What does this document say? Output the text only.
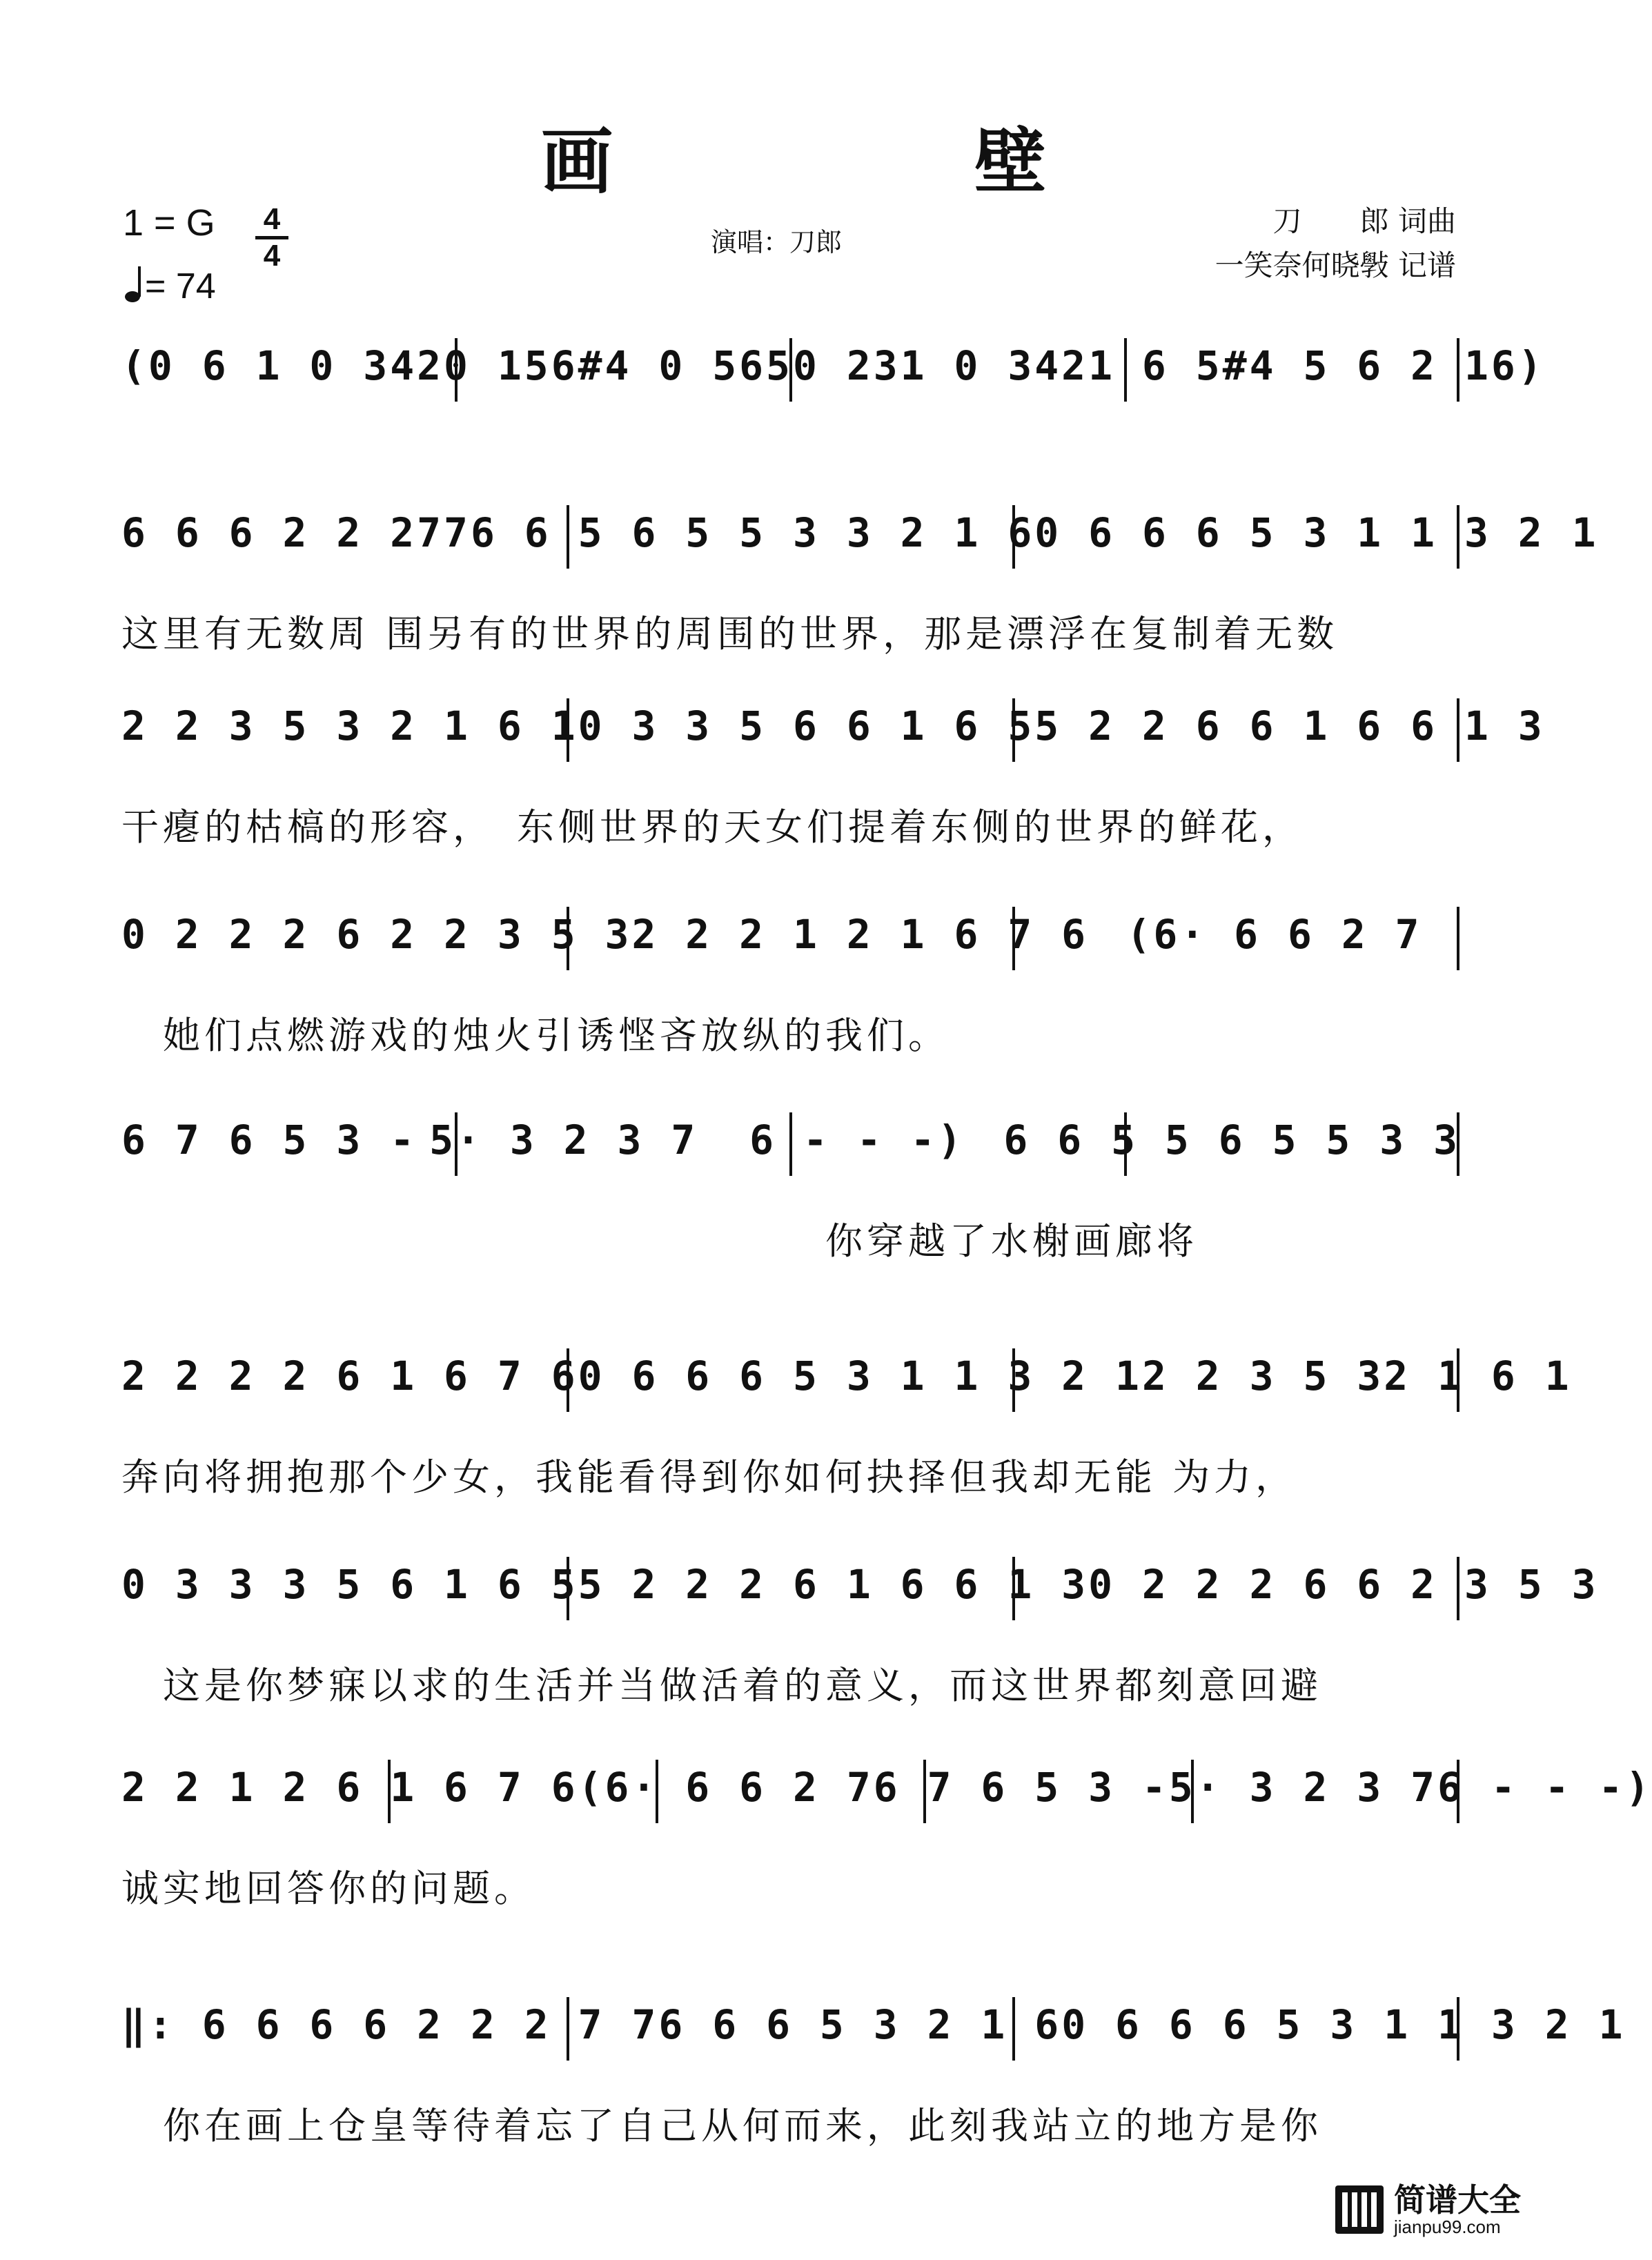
画　壁
1 = G 4
4
= 74
演唱：刀郎
刀　　郎 词曲
一笑奈何晓斅 记谱
(0 6 1 0 342 0 156#4 0 565 0 231 0 342 1 6 5#4 5 6 2 16)
6 6 6 2 2 277 6 6 5 6 5 5 3 3 2 1 6 0 6 6 6 5 3 1 1 3 2 1
这里有无数周 围另有的世界的周围的世界，那是漂浮在复制着无数
2 2 3 5 3 2 1 6 1 0 3 3 5 6 6 1 6 5 5 2 2 6 6 1 6 6 1 3
干瘪的枯槁的形容，　东侧世界的天女们提着东侧的世界的鲜花，
0 2 2 2 6 2 2 3 5 3 2 2 2 1 2 1 6 7 6 (6· 6 6 2 7
　她们点燃游戏的烛火引诱悭吝放纵的我们。
6 7 6 5 3 - 5· 3 2 3 7	6 - - -) 6 6 5 5 6 5 5 3 3
　　　　　　　　　　　　　　　　　你穿越了水榭画廊将
2 2 2 2 6 1 6 7 6 0 6 6 6 5 3 1 1 3 2 1 2 2 3 5 32 1 6 1
奔向将拥抱那个少女，我能看得到你如何抉择但我却无能 为力，
0 3 3 3 5 6 1 6 5 5 2 2 2 6 1 6 6 1 3 0 2 2 2 6 6 2 3 5 3
　这是你梦寐以求的生活并当做活着的意义，而这世界都刻意回避
2 2 1 2 6 1 6 7 6 (6· 6 6 2 7 6 7 6 5 3 - 5· 3 2 3 7 6 - - -)
诚实地回答你的问题。
‖: 6 6 6 6 2 2 2 7 7 6 6 6 5 3 2 1 6 0 6 6 6 5 3 1 1 3 2 1
　你在画上仓皇等待着忘了自己从何而来，此刻我站立的地方是你

简谱大全
jianpu99.com
